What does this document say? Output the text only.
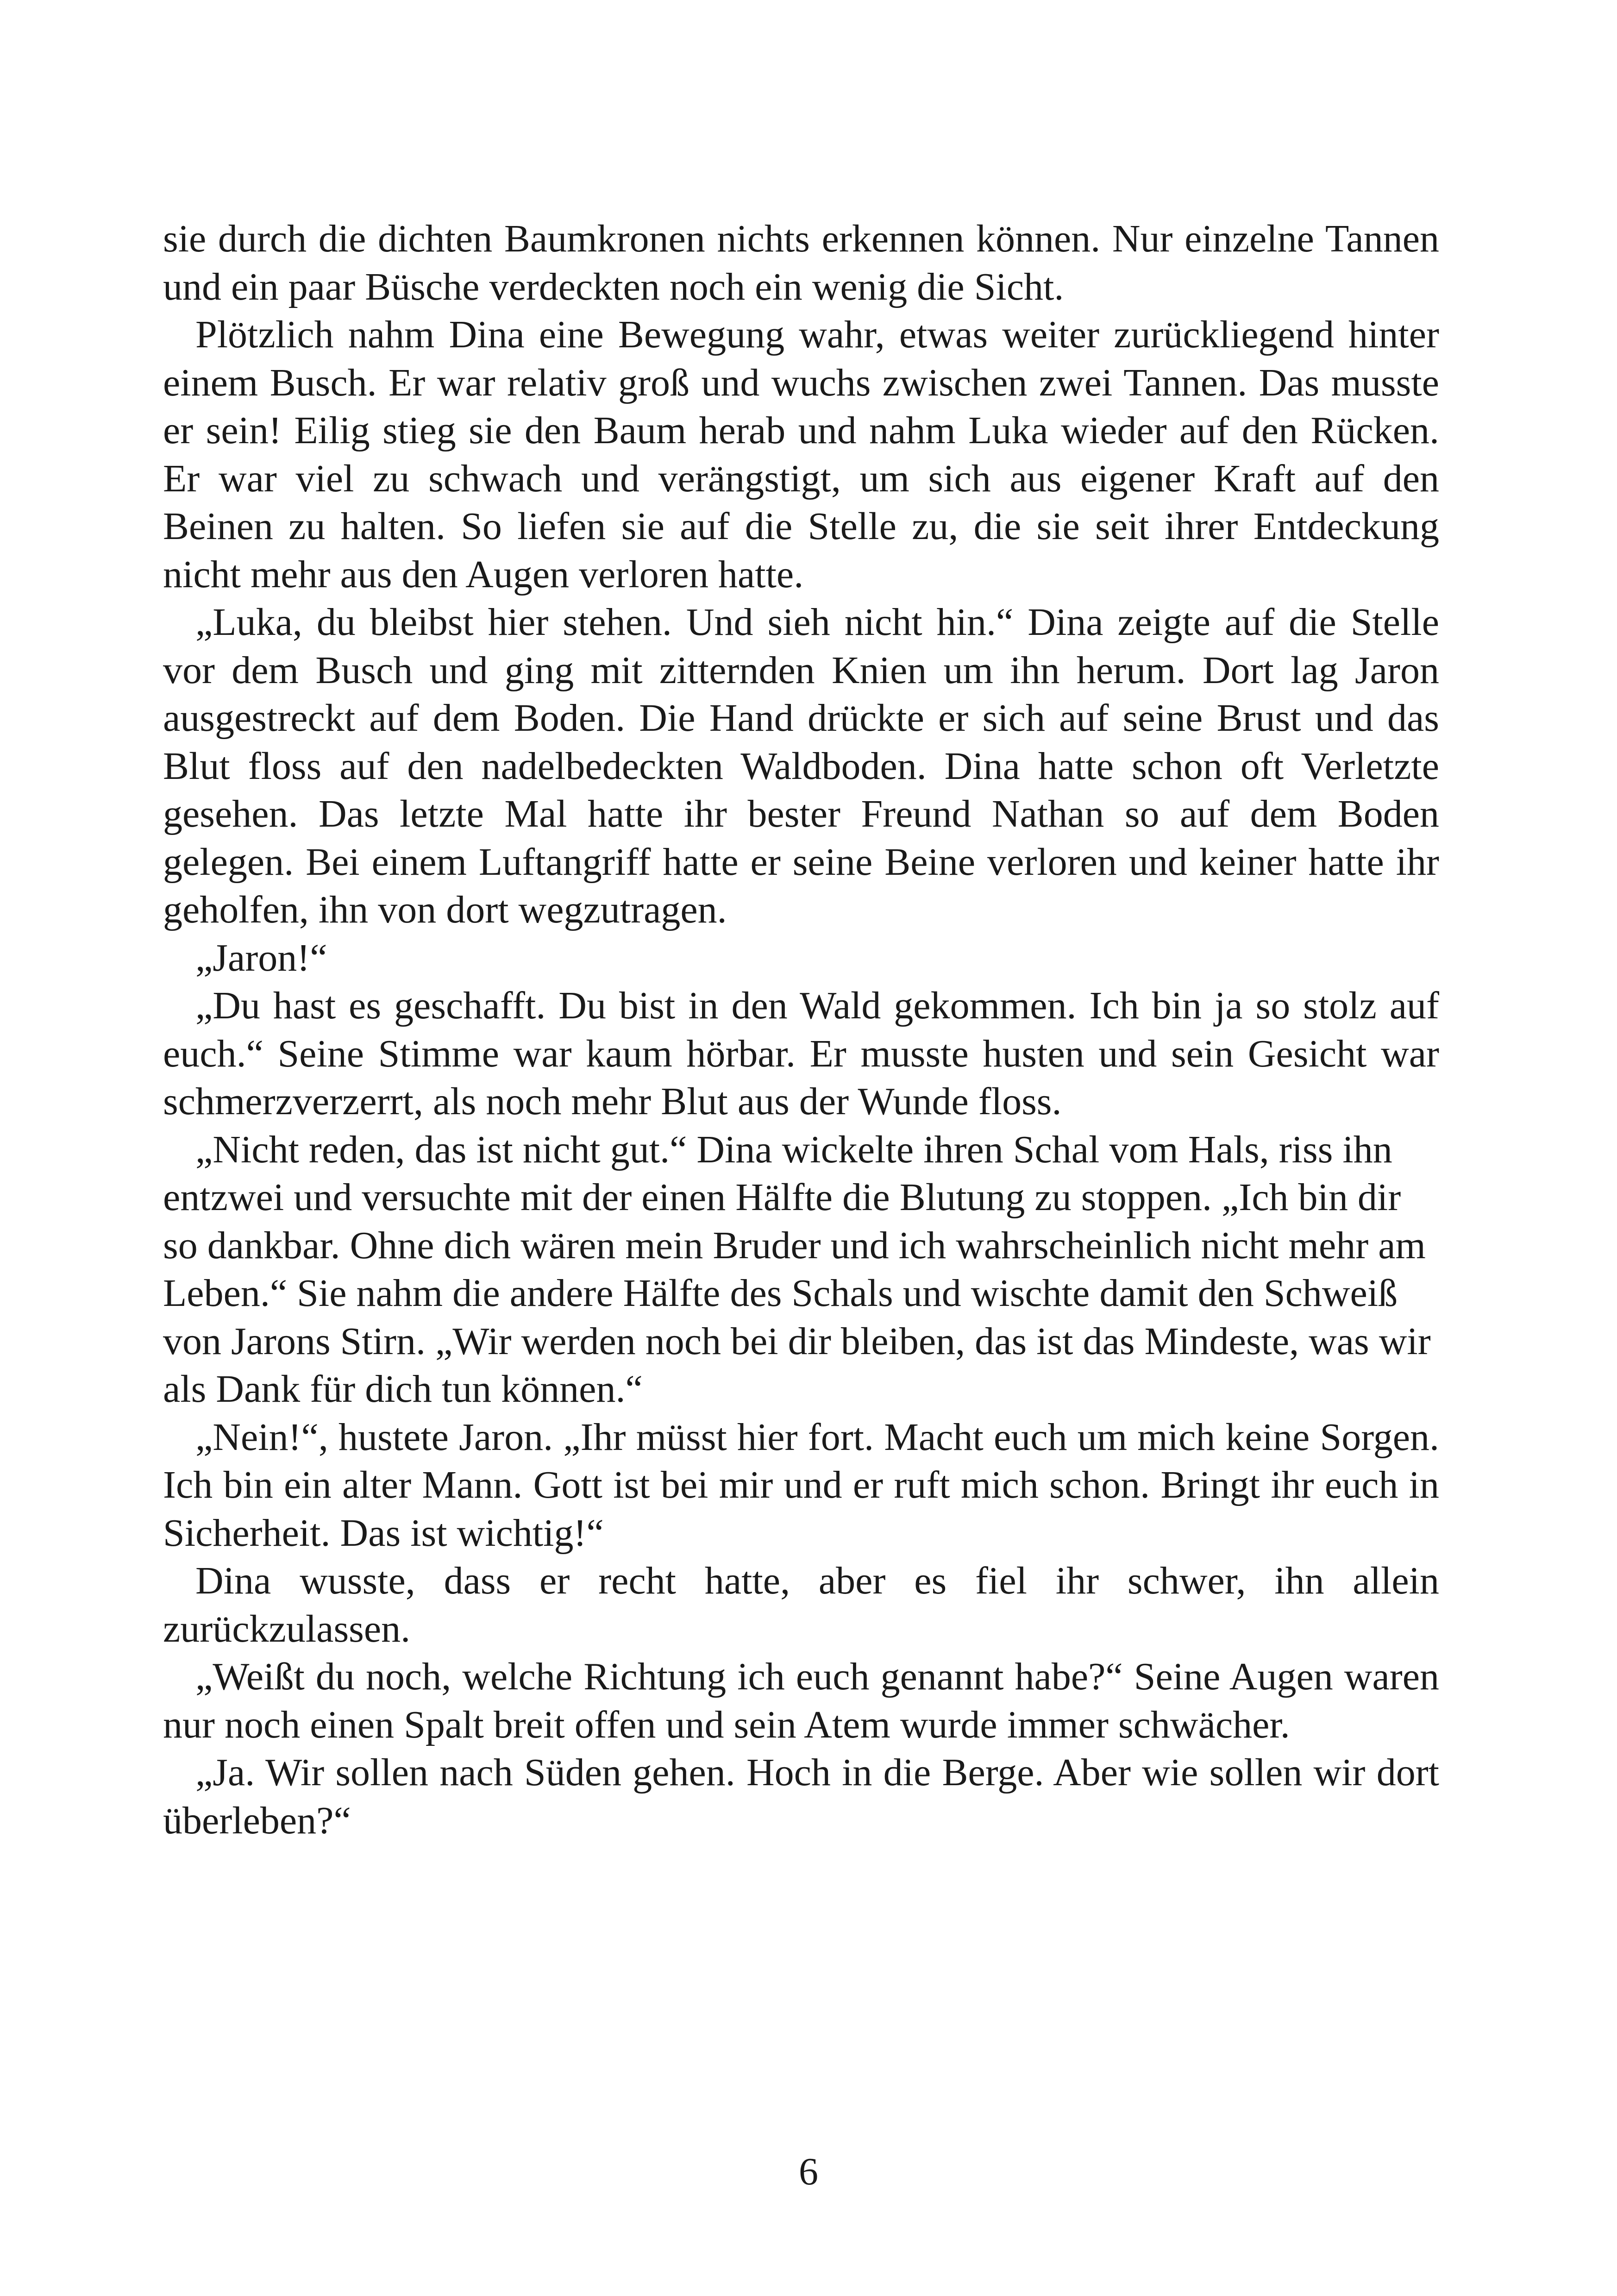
sie durch die dichten Baumkronen nichts erkennen können. Nur einzelne Tannen und ein paar Büsche verdeckten noch ein wenig die Sicht.

Plötzlich nahm Dina eine Bewegung wahr, etwas weiter zurückliegend hinter einem Busch. Er war relativ groß und wuchs zwischen zwei Tannen. Das musste er sein! Eilig stieg sie den Baum herab und nahm Luka wieder auf den Rücken. Er war viel zu schwach und verängstigt, um sich aus eigener Kraft auf den Beinen zu halten. So liefen sie auf die Stelle zu, die sie seit ihrer Entdeckung nicht mehr aus den Augen verloren hatte.

„Luka, du bleibst hier stehen. Und sieh nicht hin.“ Dina zeigte auf die Stelle vor dem Busch und ging mit zitternden Knien um ihn herum. Dort lag Jaron ausgestreckt auf dem Boden. Die Hand drückte er sich auf seine Brust und das Blut floss auf den nadelbedeckten Waldboden. Dina hatte schon oft Verletzte gesehen. Das letzte Mal hatte ihr bester Freund Nathan so auf dem Boden gelegen. Bei einem Luftangriff hatte er seine Beine verloren und keiner hatte ihr geholfen, ihn von dort wegzutragen.

„Jaron!“

„Du hast es geschafft. Du bist in den Wald gekommen. Ich bin ja so stolz auf euch.“ Seine Stimme war kaum hörbar. Er musste husten und sein Gesicht war schmerzverzerrt, als noch mehr Blut aus der Wunde floss.

„Nicht reden, das ist nicht gut.“ Dina wickelte ihren Schal vom Hals, riss ihn entzwei und versuchte mit der einen Hälfte die Blutung zu stoppen. „Ich bin dir so dankbar. Ohne dich wären mein Bruder und ich wahrscheinlich nicht mehr am Leben.“ Sie nahm die andere Hälfte des Schals und wischte damit den Schweiß von Jarons Stirn. „Wir werden noch bei dir bleiben, das ist das Mindeste, was wir als Dank für dich tun können.“

„Nein!“, hustete Jaron. „Ihr müsst hier fort. Macht euch um mich keine Sorgen. Ich bin ein alter Mann. Gott ist bei mir und er ruft mich schon. Bringt ihr euch in Sicherheit. Das ist wichtig!“

Dina wusste, dass er recht hatte, aber es fiel ihr schwer, ihn allein zurückzulassen.

„Weißt du noch, welche Richtung ich euch genannt habe?“ Seine Augen waren nur noch einen Spalt breit offen und sein Atem wurde immer schwächer.

„Ja. Wir sollen nach Süden gehen. Hoch in die Berge. Aber wie sollen wir dort überleben?“

6
